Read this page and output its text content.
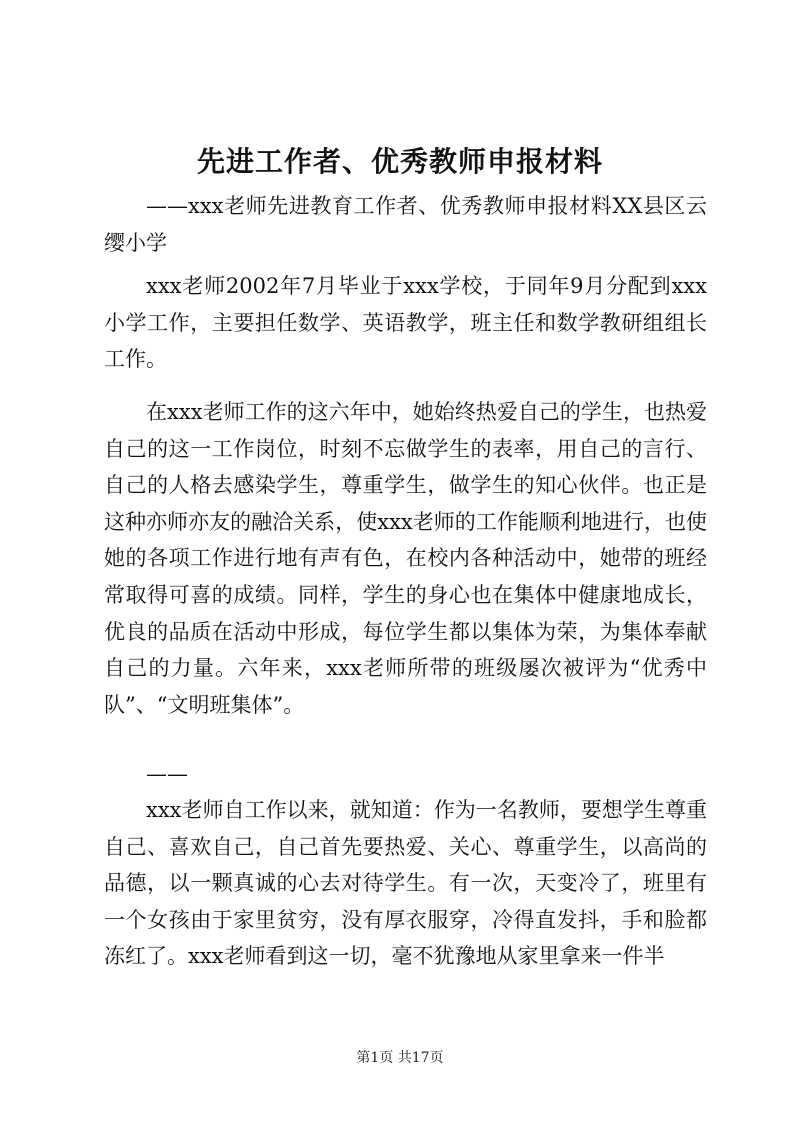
先进工作者、优秀教师申报材料

——xxx老师先进教育工作者、优秀教师申报材料XX县区云缨小学

xxx老师2002年7月毕业于xxx学校，于同年9月分配到xxx小学工作，主要担任数学、英语教学，班主任和数学教研组组长工作。

在xxx老师工作的这六年中，她始终热爱自己的学生，也热爱自己的这一工作岗位，时刻不忘做学生的表率，用自己的言行、自己的人格去感染学生，尊重学生，做学生的知心伙伴。也正是这种亦师亦友的融洽关系，使xxx老师的工作能顺利地进行，也使她的各项工作进行地有声有色，在校内各种活动中，她带的班经常取得可喜的成绩。同样，学生的身心也在集体中健康地成长，优良的品质在活动中形成，每位学生都以集体为荣，为集体奉献自己的力量。六年来，xxx老师所带的班级屡次被评为“优秀中队”、“文明班集体”。

——

xxx老师自工作以来，就知道：作为一名教师，要想学生尊重自己、喜欢自己，自己首先要热爱、关心、尊重学生，以高尚的品德，以一颗真诚的心去对待学生。有一次，天变冷了，班里有一个女孩由于家里贫穷，没有厚衣服穿，冷得直发抖，手和脸都冻红了。xxx老师看到这一切，毫不犹豫地从家里拿来一件半

第1页 共17页
